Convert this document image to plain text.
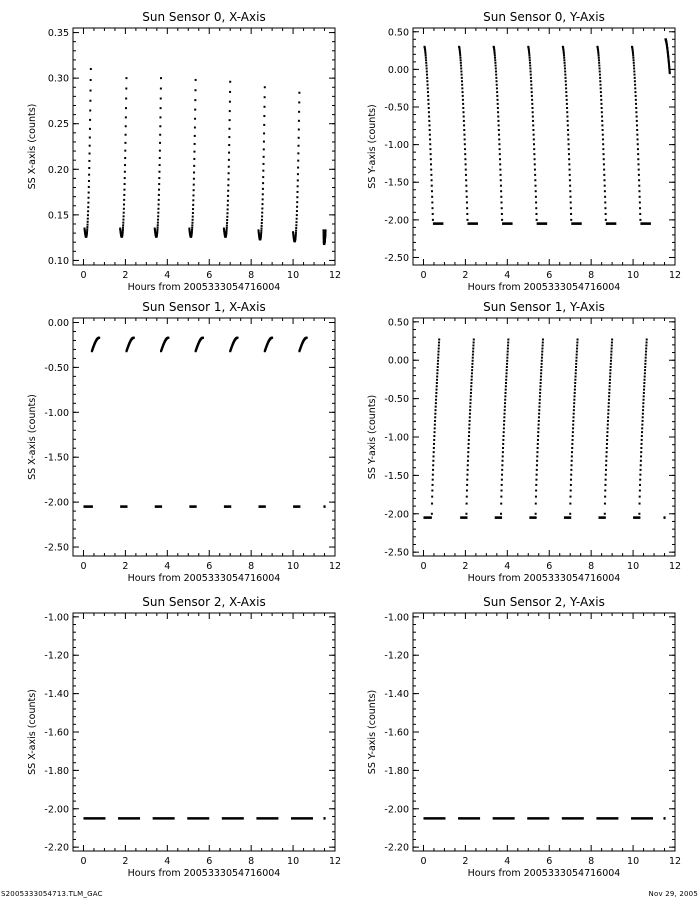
Sun Sensor 0, X-Axis
0	2	4	6	8	10	12
0.10
0.15
0.20
0.25
0.30
0.35
Hours from 2005333054716004
SS X-axis (counts)
Sun Sensor 0, Y-Axis
0	2	4	6	8	10	12
0.50
0.00
-0.50
-1.00
-1.50
-2.00
-2.50
Hours from 2005333054716004
SS Y-axis (counts)
Sun Sensor 1, X-Axis
0	2	4	6	8	10	12
0.00
-0.50
-1.00
-1.50
-2.00
-2.50
Hours from 2005333054716004
SS X-axis (counts)
Sun Sensor 1, Y-Axis
0	2	4	6	8	10	12
0.50
0.00
-0.50
-1.00
-1.50
-2.00
-2.50
Hours from 2005333054716004
SS Y-axis (counts)
Sun Sensor 2, X-Axis
0	2	4	6	8	10	12
-1.00
-1.20
-1.40
-1.60
-1.80
-2.00
-2.20
Hours from 2005333054716004
SS X-axis (counts)
Sun Sensor 2, Y-Axis
0	2	4	6	8	10	12
-1.00
-1.20
-1.40
-1.60
-1.80
-2.00
-2.20
Hours from 2005333054716004
SS Y-axis (counts)
S2005333054713.TLM_GAC	Nov 29, 2005
